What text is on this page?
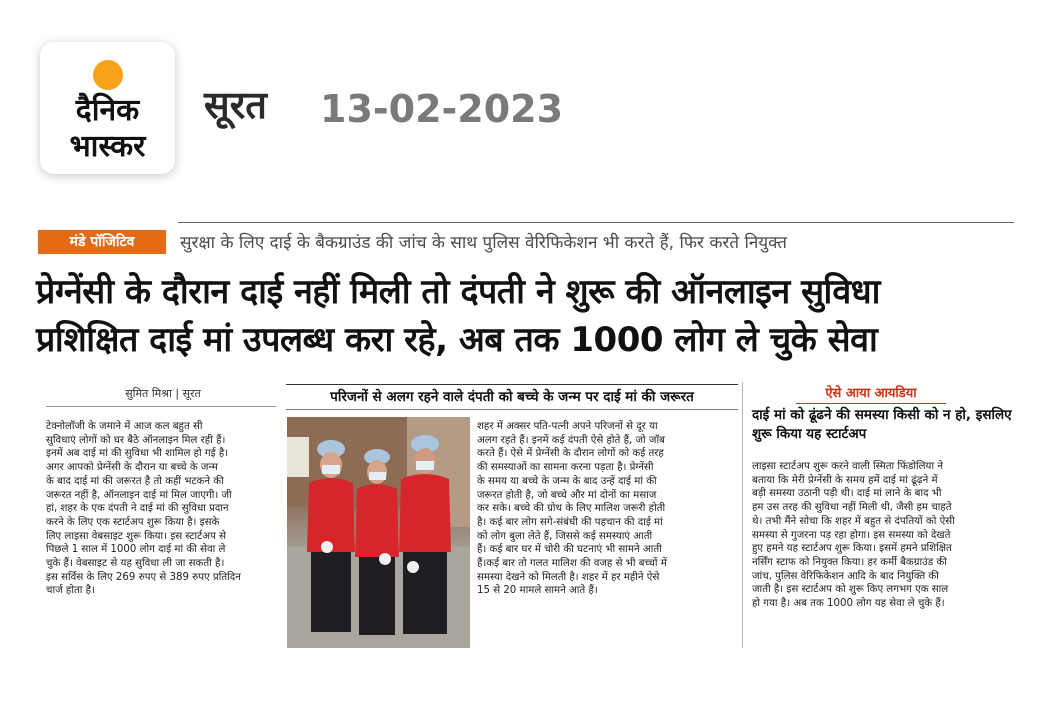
दैनिक
भास्कर
सूरत 13-02-2023
मंडे पॉजिटिव	सुरक्षा के लिए दाई के बैकग्राउंड की जांच के साथ पुलिस वेरिफिकेशन भी करते हैं, फिर करते नियुक्त
प्रेग्नेंसी के दौरान दाई नहीं मिली तो दंपती ने शुरू की ऑनलाइन सुविधा
प्रशिक्षित दाई मां उपलब्ध करा रहे, अब तक 1000 लोग ले चुके सेवा
सुमित मिश्रा | सूरत

टेक्नोलॉजी के जमाने में आज कल बहुत सी

सुविधाएं लोगों को घर बैठे ऑनलाइन मिल रही हैं।

इनमें अब दाई मां की सुविधा भी शामिल हो गई है।

अगर आपको प्रेग्नेंसी के दौरान या बच्चे के जन्म

के बाद दाई मां की जरूरत है तो कहीं भटकने की

जरूरत नहीं है, ऑनलाइन दाई मां मिल जाएगी। जी

हां, शहर के एक दंपती ने दाई मां की सुविधा प्रदान

करने के लिए एक स्टार्टअप शुरू किया है। इसके

लिए लाइसा वेबसाइट शुरू किया। इस स्टार्टअप से

पिछले 1 साल में 1000 लोग दाई मां की सेवा ले

चुके हैं। वेबसाइट से यह सुविधा ली जा सकती है।

इस सर्विस के लिए 269 रुपए से 389 रुपए प्रतिदिन

चार्ज होता है।

परिजनों से अलग रहने वाले दंपती को बच्चे के जन्म पर दाई मां की जरूरत

शहर में अक्सर पति-पत्नी अपने परिजनों से दूर या

अलग रहते हैं। इनमें कई दंपती ऐसे होते हैं, जो जॉब

करते हैं। ऐसे में प्रेग्नेंसी के दौरान लोगों को कई तरह

की समस्याओं का सामना करना पड़ता है। प्रेग्नेंसी

के समय या बच्चे के जन्म के बाद उन्हें दाई मां की

जरूरत होती है, जो बच्चे और मां दोनों का मसाज

कर सके। बच्चे की ग्रोथ के लिए मालिश जरूरी होती

है। कई बार लोग सगे-संबंधी की पहचान की दाई मां

को लोग बुला लेते हैं, जिससे कई समस्याएं आती

हैं। कई बार घर में चोरी की घटनाएं भी सामने आती

हैं।कई बार तो गलत मालिश की वजह से भी बच्चों में

समस्या देखने को मिलती है। शहर में हर महीने ऐसे

15 से 20 मामले सामने आते हैं।

ऐसे आया आयडिया
दाई मां को ढूंढने की समस्या किसी को न हो, इसलिए शुरू किया यह स्टार्टअप

लाइसा स्टार्टअप शुरू करने वाली स्मिता फिंडोलिया ने

बताया कि मेरी प्रेग्नेंसी के समय हमें दाई मां ढूंढ़ने में

बड़ी समस्या उठानी पड़ी थी। दाई मां लाने के बाद भी

हम उस तरह की सुविधा नहीं मिली थी, जैसी हम चाहते

थे। तभी मैंने सोचा कि शहर में बहुत से दंपतियों को ऐसी

समस्या से गुजरना पड़ रहा होगा। इस समस्या को देखते

हुए हमने यह स्टार्टअप शुरू किया। इसमें हमने प्रशिक्षित

नर्सिंग स्टाफ को नियुक्त किया। हर कर्मी बैकग्राउंड की

जांच, पुलिस वेरिफिकेशन आदि के बाद नियुक्ति की

जाती है। इस स्टार्टअप को शुरू किए लगभग एक साल

हो गया है। अब तक 1000 लोग यह सेवा ले चुके हैं।
